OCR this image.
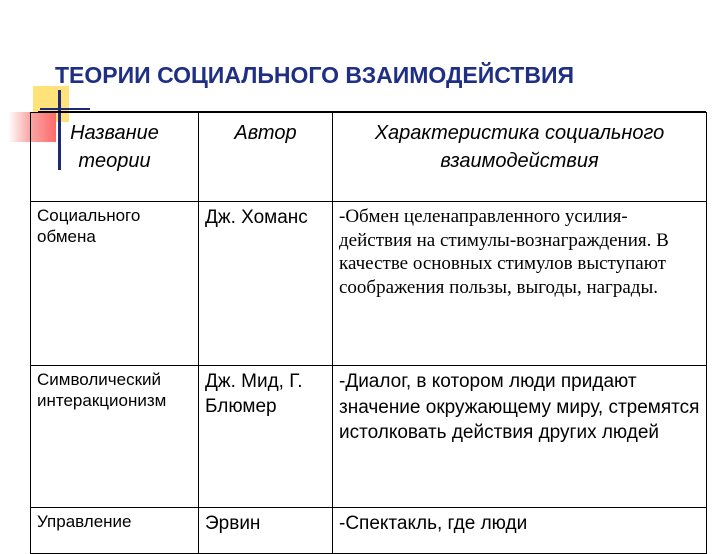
ТЕОРИИ СОЦИАЛЬНОГО ВЗАИМОДЕЙСТВИЯ
Название теории	Автор	Характеристика социального взаимодействия
Социального обмена	Дж. Хоманс	-Обмен целенаправленного усилия-действия на стимулы-вознаграждения. В качестве основных стимулов выступают соображения пользы, выгоды, награды.
Символический интеракционизм	Дж. Мид, Г. Блюмер	-Диалог, в котором люди придают значение окружающему миру, стремятся истолковать действия других людей
Управление	Эрвин	-Спектакль, где люди
